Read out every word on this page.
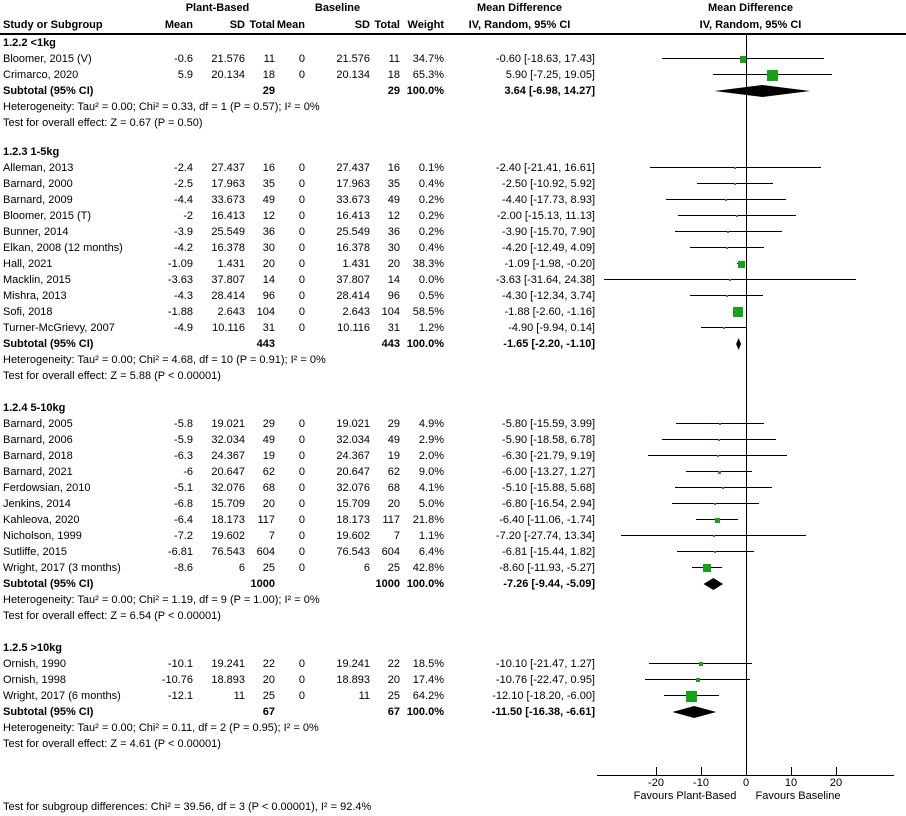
Plant-Based	Baseline	Mean Difference	Mean Difference
Study or Subgroup	Mean	SD Total Mean	SD Total Weight	IV, Random, 95% CI	IV, Random, 95% CI
1.2.2 <1kg
Bloomer, 2015 (V)	-0.6	21.576	11	0	21.576	11	34.7%	-0.60 [-18.63, 17.43]
Crimarco, 2020	5.9	20.134	18	0	20.134	18	65.3%	5.90 [-7.25, 19.05]
Subtotal (95% CI)	29	29 100.0%	3.64 [-6.98, 14.27]
Heterogeneity: Tau² = 0.00; Chi² = 0.33, df = 1 (P = 0.57); I² = 0%
Test for overall effect: Z = 0.67 (P = 0.50)
1.2.3 1-5kg
Alleman, 2013	-2.4	27.437	16	0	27.437	16	0.1%	-2.40 [-21.41, 16.61]
Barnard, 2000	-2.5	17.963	35	0	17.963	35	0.4%	-2.50 [-10.92, 5.92]
Barnard, 2009	-4.4	33.673	49	0	33.673	49	0.2%	-4.40 [-17.73, 8.93]
Bloomer, 2015 (T)	-2	16.413	12	0	16.413	12	0.2%	-2.00 [-15.13, 11.13]
Bunner, 2014	-3.9	25.549	36	0	25.549	36	0.2%	-3.90 [-15.70, 7.90]
Elkan, 2008 (12 months)	-4.2	16.378	30	0	16.378	30	0.4%	-4.20 [-12.49, 4.09]
Hall, 2021	-1.09	1.431	20	0	1.431	20	38.3%	-1.09 [-1.98, -0.20]
Macklin, 2015	-3.63	37.807	14	0	37.807	14	0.0%	-3.63 [-31.64, 24.38]
Mishra, 2013	-4.3	28.414	96	0	28.414	96	0.5%	-4.30 [-12.34, 3.74]
Sofi, 2018	-1.88	2.643	104	0	2.643	104	58.5%	-1.88 [-2.60, -1.16]
Turner-McGrievy, 2007	-4.9	10.116	31	0	10.116	31	1.2%	-4.90 [-9.94, 0.14]
Subtotal (95% CI)	443	443 100.0%	-1.65 [-2.20, -1.10]
Heterogeneity: Tau² = 0.00; Chi² = 4.68, df = 10 (P = 0.91); I² = 0%
Test for overall effect: Z = 5.88 (P < 0.00001)
1.2.4 5-10kg
Barnard, 2005	-5.8	19.021	29	0	19.021	29	4.9%	-5.80 [-15.59, 3.99]
Barnard, 2006	-5.9	32.034	49	0	32.034	49	2.9%	-5.90 [-18.58, 6.78]
Barnard, 2018	-6.3	24.367	19	0	24.367	19	2.0%	-6.30 [-21.79, 9.19]
Barnard, 2021	-6	20.647	62	0	20.647	62	9.0%	-6.00 [-13.27, 1.27]
Ferdowsian, 2010	-5.1	32.076	68	0	32.076	68	4.1%	-5.10 [-15.88, 5.68]
Jenkins, 2014	-6.8	15.709	20	0	15.709	20	5.0%	-6.80 [-16.54, 2.94]
Kahleova, 2020	-6.4	18.173	117	0	18.173	117	21.8%	-6.40 [-11.06, -1.74]
Nicholson, 1999	-7.2	19.602	7	0	19.602	7	1.1%	-7.20 [-27.74, 13.34]
Sutliffe, 2015	-6.81	76.543	604	0	76.543	604	6.4%	-6.81 [-15.44, 1.82]
Wright, 2017 (3 months)	-8.6	6	25	0	6	25	42.8%	-8.60 [-11.93, -5.27]
Subtotal (95% CI)	1000	1000 100.0%	-7.26 [-9.44, -5.09]
Heterogeneity: Tau² = 0.00; Chi² = 1.19, df = 9 (P = 1.00); I² = 0%
Test for overall effect: Z = 6.54 (P < 0.00001)
1.2.5 >10kg
Ornish, 1990	-10.1	19.241	22	0	19.241	22	18.5%	-10.10 [-21.47, 1.27]
Ornish, 1998	-10.76	18.893	20	0	18.893	20	17.4%	-10.76 [-22.47, 0.95]
Wright, 2017 (6 months)	-12.1	11	25	0	11	25	64.2%	-12.10 [-18.20, -6.00]
Subtotal (95% CI)	67	67 100.0%	-11.50 [-16.38, -6.61]
Heterogeneity: Tau² = 0.00; Chi² = 0.11, df = 2 (P = 0.95); I² = 0%
Test for overall effect: Z = 4.61 (P < 0.00001)
-20	-10	0	10	20
Favours Plant-Based Favours Baseline
Test for subgroup differences: Chi² = 39.56, df = 3 (P < 0.00001), I² = 92.4%
